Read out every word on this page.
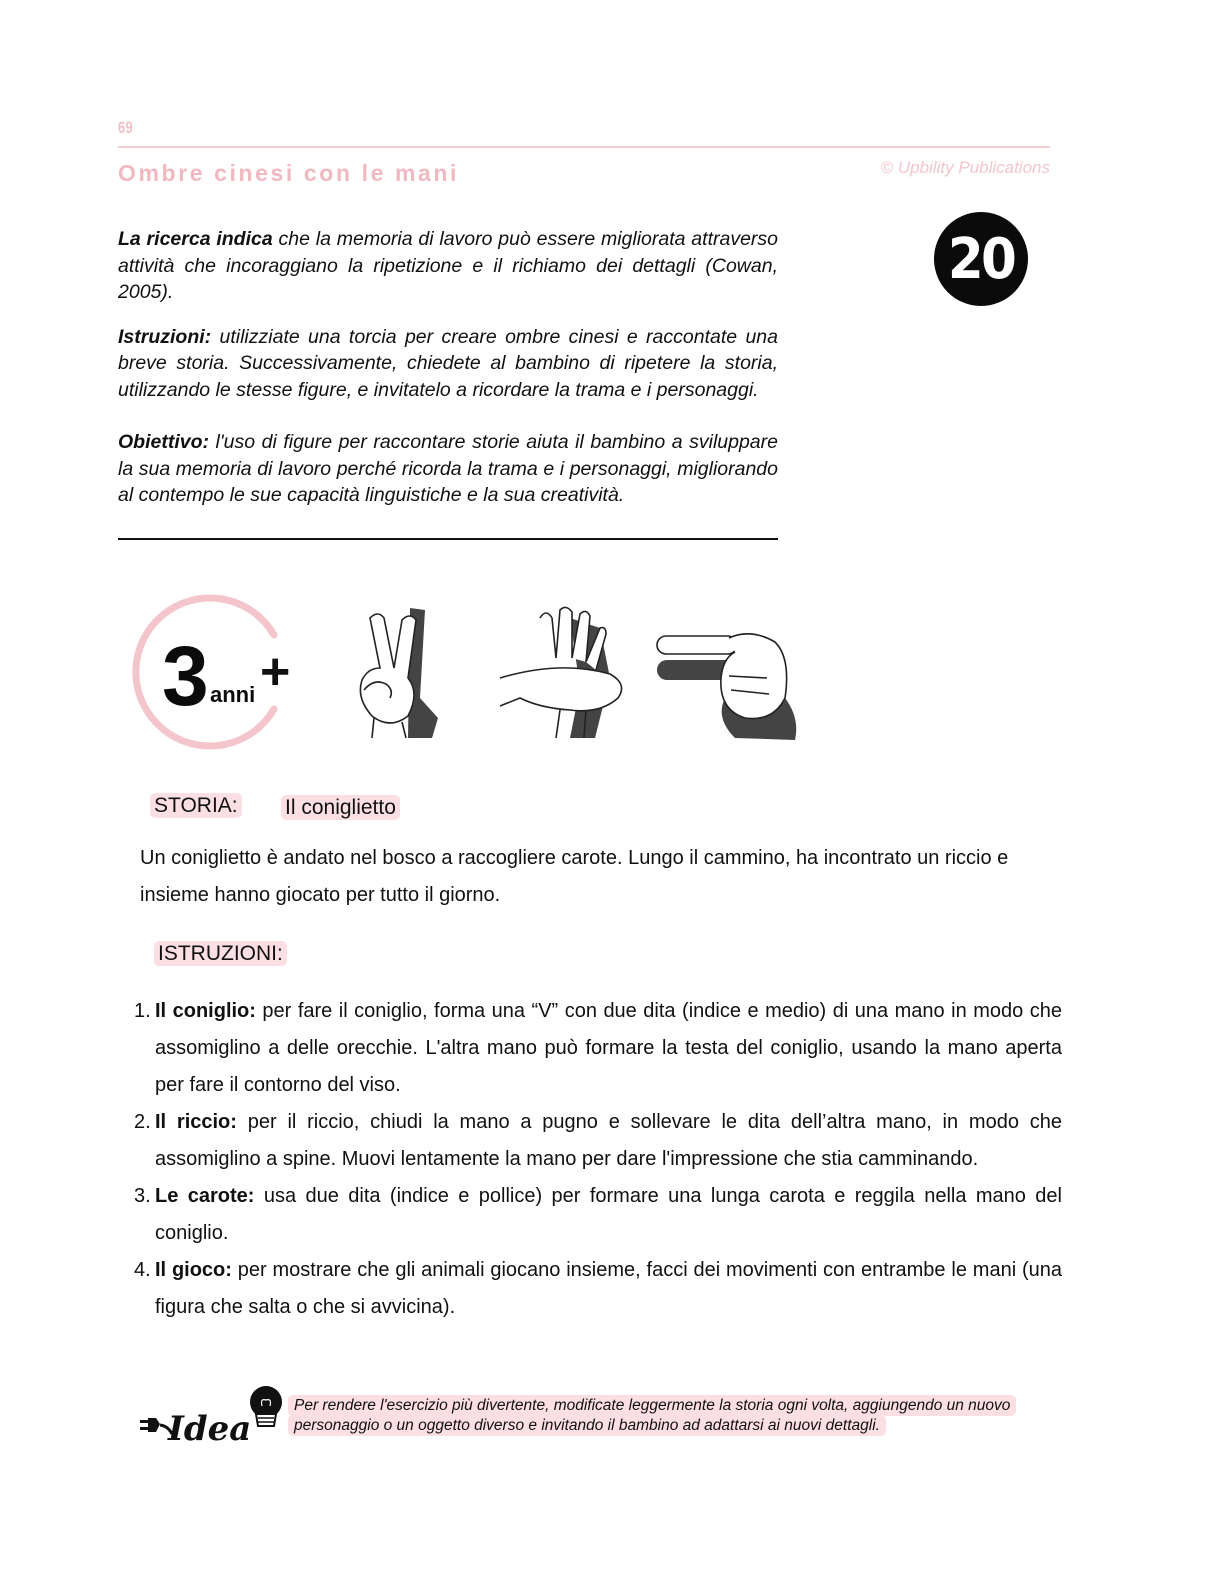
69
Ombre cinesi con le mani	© Upbility Publications
20

La ricerca indica che la memoria di lavoro può essere migliorata attraverso attività che incoraggiano la ripetizione e il richiamo dei dettagli (Cowan, 2005).

Istruzioni: utilizziate una torcia per creare ombre cinesi e raccontate una breve storia. Successivamente, chiedete al bambino di ripetere la storia, utilizzando le stesse figure, e invitatelo a ricordare la trama e i personaggi.

Obiettivo: l'uso di figure per raccontare storie aiuta il bambino a sviluppare la sua memoria di lavoro perché ricorda la trama e i personaggi, migliorando al contempo le sue capacità linguistiche e la sua creatività.

3 anni +
STORIA: Il coniglietto
Un coniglietto è andato nel bosco a raccogliere carote. Lungo il cammino, ha incontrato un riccio e insieme hanno giocato per tutto il giorno.
ISTRUZIONI:
1. Il coniglio: per fare il coniglio, forma una “V” con due dita (indice e medio) di una mano in modo che assomiglino a delle orecchie. L'altra mano può formare la testa del coniglio, usando la mano aperta per fare il contorno del viso.
2. Il riccio: per il riccio, chiudi la mano a pugno e sollevare le dita dell’altra mano, in modo che assomiglino a spine. Muovi lentamente la mano per dare l'impressione che stia camminando.
3. Le carote: usa due dita (indice e pollice) per formare una lunga carota e reggila nella mano del coniglio.
4. Il gioco: per mostrare che gli animali giocano insieme, facci dei movimenti con entrambe le mani (una figura che salta o che si avvicina).
Idea
Per rendere l'esercizio più divertente, modificate leggermente la storia ogni volta, aggiungendo un nuovo personaggio o un oggetto diverso e invitando il bambino ad adattarsi ai nuovi dettagli.
